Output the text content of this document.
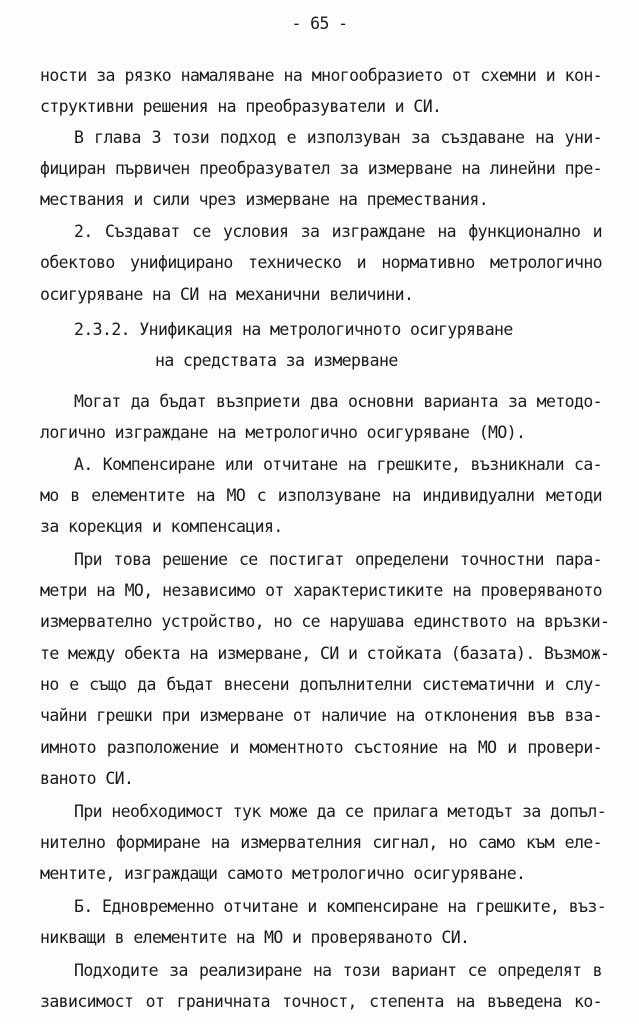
- 65 -
ности за рязко намаляване на многообразието от схемни и кон-
структивни решения на преобразуватели и СИ.
В глава 3 този подход е използуван за създаване на уни-
фициран първичен преобразувател за измерване на линейни пре-
мествания и сили чрез измерване на премествания.
2. Създават се условия за изграждане на функционално и
обектово унифицирано техническо и нормативно метрологично
осигуряване на СИ на механични величини.
2.3.2. Унификация на метрологичното осигуряване
на средствата за измерване
Могат да бъдат възприети два основни варианта за методо-
логично изграждане на метрологично осигуряване (МО).
А. Компенсиране или отчитане на грешките, възникнали са-
мо в елементите на МО с използуване на индивидуални методи
за корекция и компенсация.
При това решение се постигат определени точностни пара-
метри на МО, независимо от характеристиките на проверяваното
измервателно устройство, но се нарушава единството на връзки-
те между обекта на измерване, СИ и стойката (базата). Възмож-
но е също да бъдат внесени допълнителни систематични и слу-
чайни грешки при измерване от наличие на отклонения във вза-
имното разположение и моментното състояние на МО и провери-
ваното СИ.
При необходимост тук може да се прилага методът за допъл-
нително формиране на измервателния сигнал, но само към еле-
ментите, изграждащи самото метрологично осигуряване.
Б. Едновременно отчитане и компенсиране на грешките, въз-
никващи в елементите на МО и проверяваното СИ.
Подходите за реализиране на този вариант се определят в
зависимост от граничната точност, степента на въведена ко-
